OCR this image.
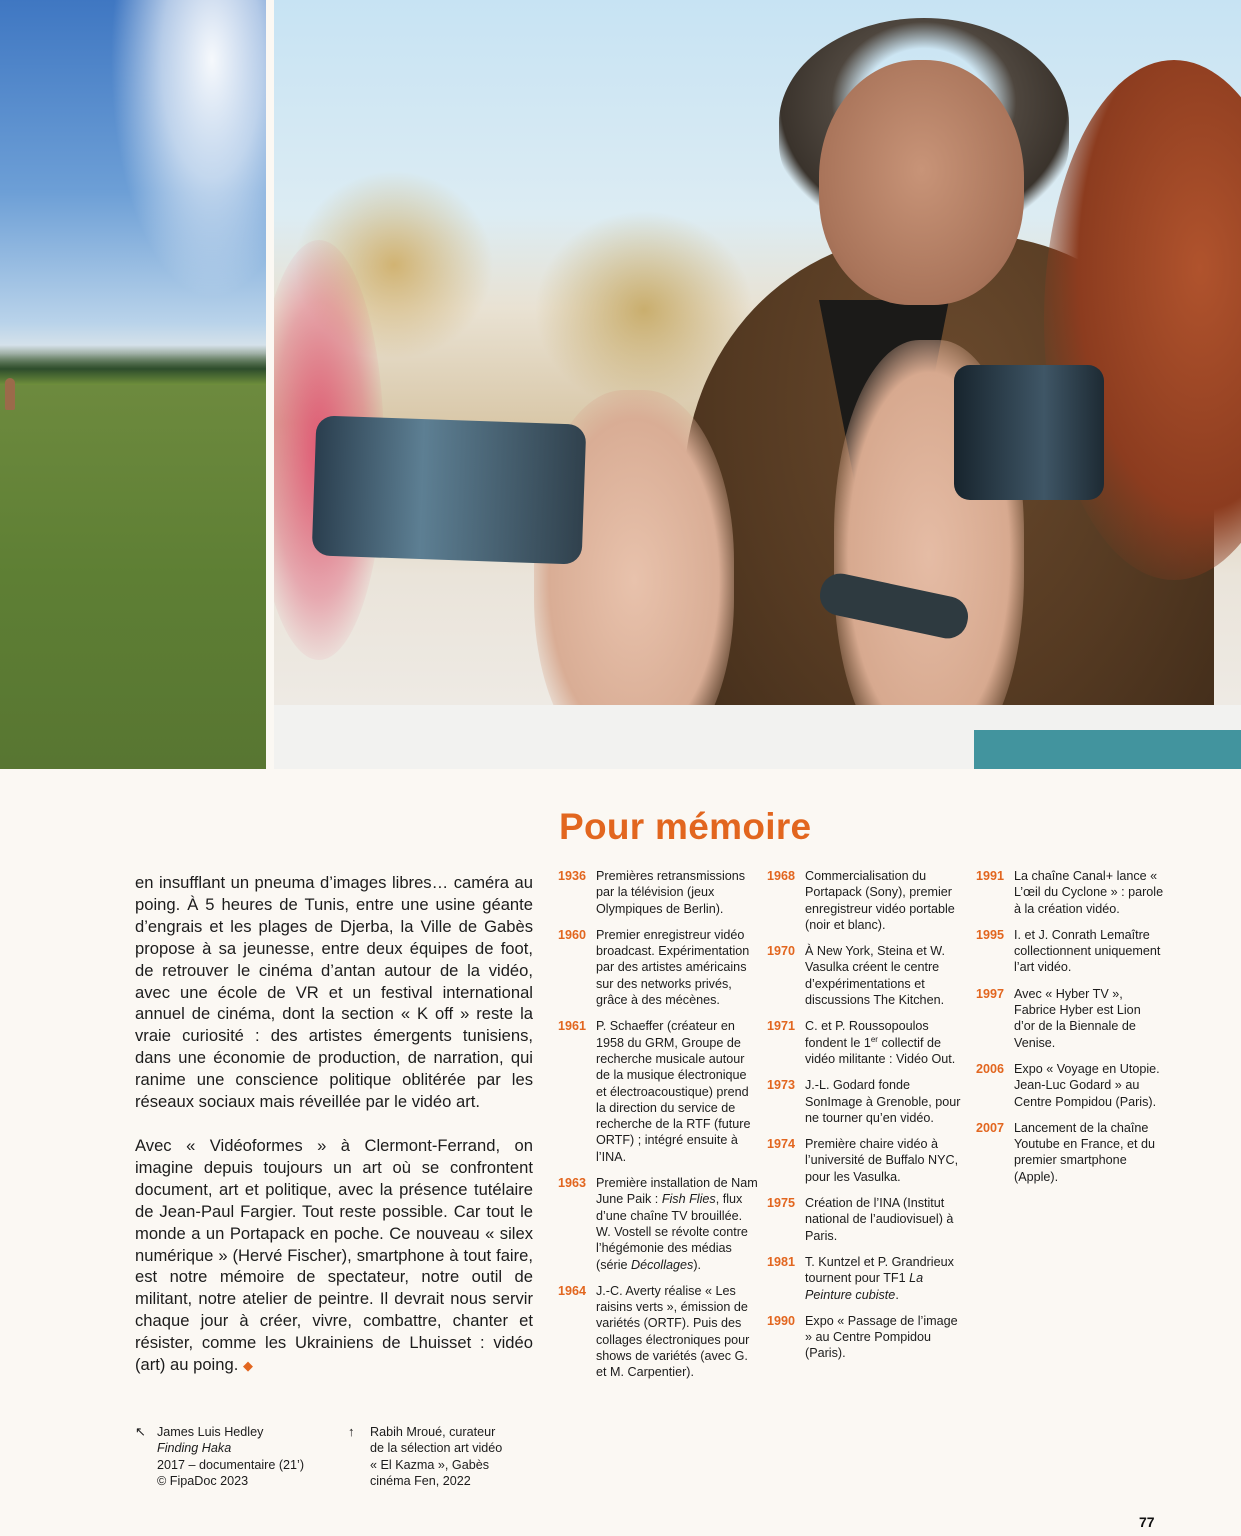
Pour mémoire

en insufflant un pneuma d’images libres… caméra au poing. À 5 heures de Tunis, entre une usine géante d’engrais et les plages de Djerba, la Ville de Gabès propose à sa jeunesse, entre deux équipes de foot, de retrouver le cinéma d’antan autour de la vidéo, avec une école de VR et un festival international annuel de cinéma, dont la section « K off » reste la vraie curiosité : des artistes émergents tunisiens, dans une économie de production, de narration, qui ranime une conscience politique oblitérée par les réseaux sociaux mais réveillée par le vidéo art.

Avec « Vidéoformes » à Clermont-Ferrand, on imagine depuis toujours un art où se confrontent document, art et politique, avec la présence tutélaire de Jean-Paul Fargier. Tout reste possible. Car tout le monde a un Portapack en poche. Ce nouveau « silex numérique » (Hervé Fischer), smartphone à tout faire, est notre mémoire de spectateur, notre outil de militant, notre atelier de peintre. Il devrait nous servir chaque jour à créer, vivre, combattre, chanter et résister, comme les Ukrainiens de Lhuisset : vidéo (art) au poing. ◆

1936 Premières retransmissions par la télévision (jeux Olympiques de Berlin).
1960 Premier enregistreur vidéo broadcast. Expérimentation par des artistes américains sur des networks privés, grâce à des mécènes.
1961 P. Schaeffer (créateur en 1958 du GRM, Groupe de recherche musicale autour de la musique électronique et électroacoustique) prend la direction du service de recherche de la RTF (future ORTF) ; intégré ensuite à l’INA.
1963 Première installation de Nam June Paik : Fish Flies, flux d’une chaîne TV brouillée. W. Vostell se révolte contre l’hégémonie des médias (série Décollages).
1964 J.-C. Averty réalise « Les raisins verts », émission de variétés (ORTF). Puis des collages électroniques pour shows de variétés (avec G. et M. Carpentier).
1968 Commercialisation du Portapack (Sony), premier enregistreur vidéo portable (noir et blanc).
1970 À New York, Steina et W. Vasulka créent le centre d’expérimentations et discussions The Kitchen.
1971 C. et P. Roussopoulos fondent le 1er collectif de vidéo militante : Vidéo Out.
1973 J.-L. Godard fonde SonImage à Grenoble, pour ne tourner qu’en vidéo.
1974 Première chaire vidéo à l’université de Buffalo NYC, pour les Vasulka.
1975 Création de l’INA (Institut national de l’audiovisuel) à Paris.
1981 T. Kuntzel et P. Grandrieux tournent pour TF1 La Peinture cubiste.
1990 Expo « Passage de l’image » au Centre Pompidou (Paris).
1991 La chaîne Canal+ lance « L’œil du Cyclone » : parole à la création vidéo.
1995 I. et J. Conrath Lemaître collectionnent uniquement l’art vidéo.
1997 Avec « Hyber TV », Fabrice Hyber est Lion d’or de la Biennale de Venise.
2006 Expo « Voyage en Utopie. Jean-Luc Godard » au Centre Pompidou (Paris).
2007 Lancement de la chaîne Youtube en France, et du premier smartphone (Apple).
↖ James Luis Hedley
Finding Haka
2017 – documentaire (21’)
© FipaDoc 2023
↑ Rabih Mroué, curateur
de la sélection art vidéo
« El Kazma », Gabès
cinéma Fen, 2022
77
